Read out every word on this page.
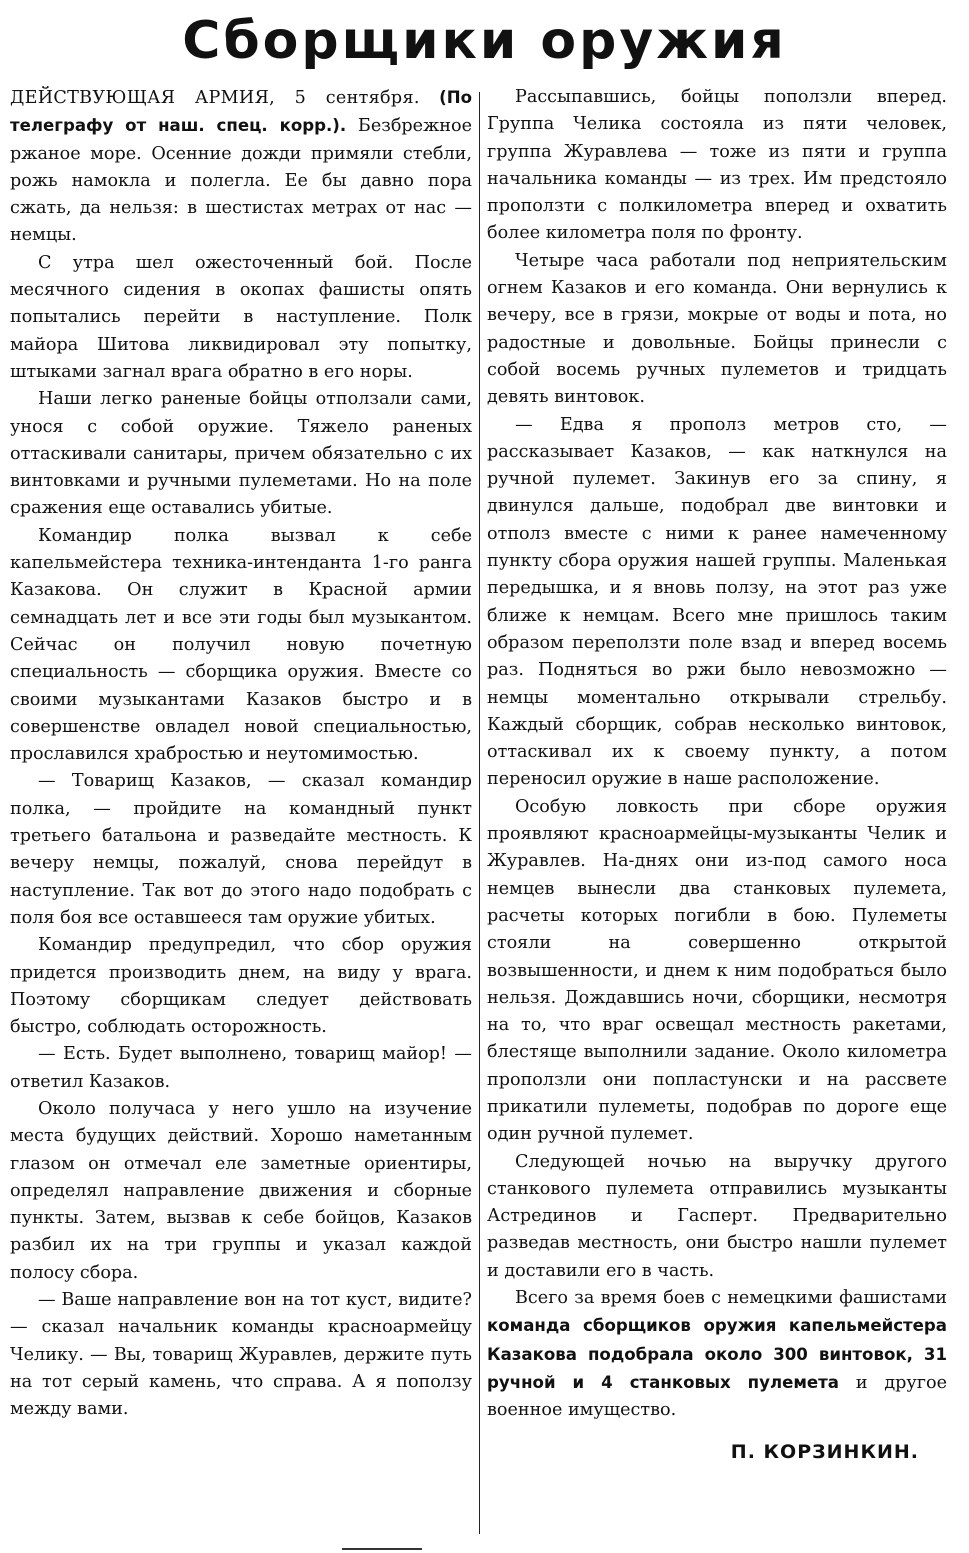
Сборщики оружия

ДЕЙСТВУЮЩАЯ АРМИЯ, 5 сентября. (По телеграфу от наш. спец. корр.). Безбрежное ржаное море. Осенние дожди примяли стебли, рожь намокла и полегла. Ее бы давно пора сжать, да нельзя: в шестистах метрах от нас — немцы.

С утра шел ожесточенный бой. После месячного сидения в окопах фашисты опять попытались перейти в наступление. Полк майора Шитова ликвидировал эту попытку, штыками загнал врага обратно в его норы.

Наши легко раненые бойцы отползали сами, унося с собой оружие. Тяжело раненых оттаскивали санитары, причем обязательно с их винтовками и ручными пулеметами. Но на поле сражения еще оставались убитые.

Командир полка вызвал к себе капельмейстера техника-интенданта 1-го ранга Казакова. Он служит в Красной армии семнадцать лет и все эти годы был музыкантом. Сейчас он получил новую почетную специальность — сборщика оружия. Вместе со своими музыкантами Казаков быстро и в совершенстве овладел новой специальностью, прославился храбростью и неутомимостью.

— Товарищ Казаков, — сказал командир полка, — пройдите на командный пункт третьего батальона и разведайте местность. К вечеру немцы, пожалуй, снова перейдут в наступление. Так вот до этого надо подобрать с поля боя все оставшееся там оружие убитых.

Командир предупредил, что сбор оружия придется производить днем, на виду у врага. Поэтому сборщикам следует действовать быстро, соблюдать осторожность.

— Есть. Будет выполнено, товарищ майор! — ответил Казаков.

Около получаса у него ушло на изучение места будущих действий. Хорошо наметанным глазом он отмечал еле заметные ориентиры, определял направление движения и сборные пункты. Затем, вызвав к себе бойцов, Казаков разбил их на три группы и указал каждой полосу сбора.

— Ваше направление вон на тот куст, видите? — сказал начальник команды красноармейцу Челику. — Вы, товарищ Журавлев, держите путь на тот серый камень, что справа. А я поползу между вами.

Рассыпавшись, бойцы поползли вперед. Группа Челика состояла из пяти человек, группа Журавлева — тоже из пяти и группа начальника команды — из трех. Им предстояло проползти с полкилометра вперед и охватить более километра поля по фронту.

Четыре часа работали под неприятельским огнем Казаков и его команда. Они вернулись к вечеру, все в грязи, мокрые от воды и пота, но радостные и довольные. Бойцы принесли с собой восемь ручных пулеметов и тридцать девять винтовок.

— Едва я прополз метров сто, — рассказывает Казаков, — как наткнулся на ручной пулемет. Закинув его за спину, я двинулся дальше, подобрал две винтовки и отполз вместе с ними к ранее намеченному пункту сбора оружия нашей группы. Маленькая передышка, и я вновь ползу, на этот раз уже ближе к немцам. Всего мне пришлось таким образом переползти поле взад и вперед восемь раз. Подняться во ржи было невозможно — немцы моментально открывали стрельбу. Каждый сборщик, собрав несколько винтовок, оттаскивал их к своему пункту, а потом переносил оружие в наше расположение.

Особую ловкость при сборе оружия проявляют красноармейцы-музыканты Челик и Журавлев. На-днях они из-под самого носа немцев вынесли два станковых пулемета, расчеты которых погибли в бою. Пулеметы стояли на совершенно открытой возвышенности, и днем к ним подобраться было нельзя. Дождавшись ночи, сборщики, несмотря на то, что враг освещал местность ракетами, блестяще выполнили задание. Около километра проползли они попластунски и на рассвете прикатили пулеметы, подобрав по дороге еще один ручной пулемет.

Следующей ночью на выручку другого станкового пулемета отправились музыканты Астрединов и Гасперт. Предварительно разведав местность, они быстро нашли пулемет и доставили его в часть.

Всего за время боев с немецкими фашистами команда сборщиков оружия капельмейстера Казакова подобрала около 300 винтовок, 31 ручной и 4 станковых пулемета и другое военное имущество.

П. КОРЗИНКИН.
